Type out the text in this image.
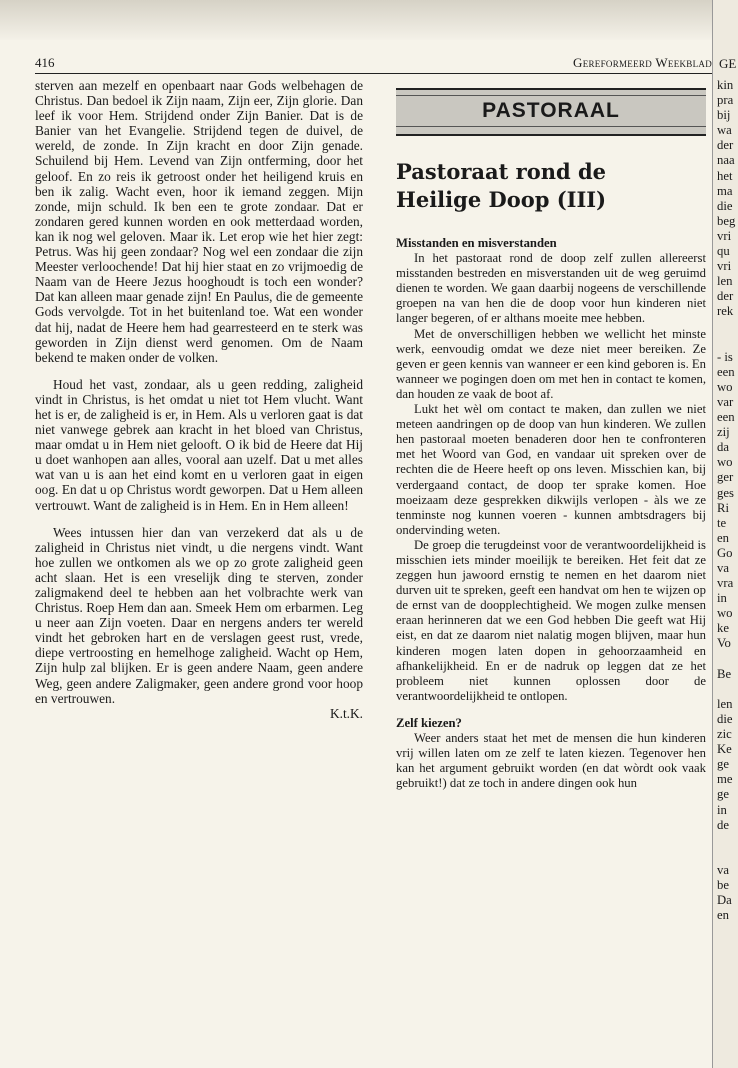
416	Gereformeerd Weekblad

sterven aan mezelf en openbaart naar Gods welbehagen de Christus. Dan bedoel ik Zijn naam, Zijn eer, Zijn glorie. Dan leef ik voor Hem. Strijdend onder Zijn Banier. Dat is de Banier van het Evangelie. Strijdend tegen de duivel, de wereld, de zonde. In Zijn kracht en door Zijn genade. Schuilend bij Hem. Levend van Zijn ontferming, door het geloof. En zo reis ik getroost onder het heiligend kruis en ben ik zalig. Wacht even, hoor ik iemand zeggen. Mijn zonde, mijn schuld. Ik ben een te grote zondaar. Dat er zondaren gered kunnen worden en ook metterdaad worden, kan ik nog wel geloven. Maar ik. Let erop wie het hier zegt: Petrus. Was hij geen zondaar? Nog wel een zondaar die zijn Meester verloochende! Dat hij hier staat en zo vrijmoedig de Naam van de Heere Jezus hooghoudt is toch een wonder? Dat kan alleen maar genade zijn! En Paulus, die de gemeente Gods vervolgde. Tot in het buitenland toe. Wat een wonder dat hij, nadat de Heere hem had gearresteerd en te sterk was geworden in Zijn dienst werd genomen. Om de Naam bekend te maken onder de volken.

Houd het vast, zondaar, als u geen redding, zaligheid vindt in Christus, is het omdat u niet tot Hem vlucht. Want het is er, de zaligheid is er, in Hem. Als u verloren gaat is dat niet vanwege gebrek aan kracht in het bloed van Christus, maar omdat u in Hem niet gelooft. O ik bid de Heere dat Hij u doet wanhopen aan alles, vooral aan uzelf. Dat u met alles wat van u is aan het eind komt en u verloren gaat in eigen oog. En dat u op Christus wordt geworpen. Dat u Hem alleen vertrouwt. Want de zaligheid is in Hem. En in Hem alleen!

Wees intussen hier dan van verzekerd dat als u de zaligheid in Christus niet vindt, u die nergens vindt. Want hoe zullen we ontkomen als we op zo grote zaligheid geen acht slaan. Het is een vreselijk ding te sterven, zonder zaligmakend deel te hebben aan het volbrachte werk van Christus. Roep Hem dan aan. Smeek Hem om erbarmen. Leg u neer aan Zijn voeten. Daar en nergens anders ter wereld vindt het gebroken hart en de verslagen geest rust, vrede, diepe vertroosting en hemelhoge zaligheid. Wacht op Hem, Zijn hulp zal blijken. Er is geen andere Naam, geen andere Weg, geen andere Zaligmaker, geen andere grond voor hoop en vertrouwen.

K.t.K.

PASTORAAL
Pastoraat rond de
Heilige Doop (III)

Misstanden en misverstanden

In het pastoraat rond de doop zelf zullen allereerst misstanden bestreden en misverstanden uit de weg geruimd dienen te worden. We gaan daarbij nogeens de verschillende groepen na van hen die de doop voor hun kinderen niet langer begeren, of er althans moeite mee hebben.

Met de onverschilligen hebben we wellicht het minste werk, eenvoudig omdat we deze niet meer bereiken. Ze geven er geen kennis van wanneer er een kind geboren is. En wanneer we pogingen doen om met hen in contact te komen, dan houden ze vaak de boot af.

Lukt het wèl om contact te maken, dan zullen we niet meteen aandringen op de doop van hun kinderen. We zullen hen pastoraal moeten benaderen door hen te confronteren met het Woord van God, en vandaar uit spreken over de rechten die de Heere heeft op ons leven. Misschien kan, bij verdergaand contact, de doop ter sprake komen. Hoe moeizaam deze gesprekken dikwijls verlopen - àls we ze tenminste nog kunnen voeren - kunnen ambtsdragers bij ondervinding weten.

De groep die terugdeinst voor de verantwoordelijkheid is misschien iets minder moeilijk te bereiken. Het feit dat ze zeggen hun jawoord ernstig te nemen en het daarom niet durven uit te spreken, geeft een handvat om hen te wijzen op de ernst van de doopplechtigheid. We mogen zulke mensen eraan herinneren dat we een God hebben Die geeft wat Hij eist, en dat ze daarom niet nalatig mogen blijven, maar hun kinderen mogen laten dopen in gehoorzaamheid en afhankelijkheid. En er de nadruk op leggen dat ze het probleem niet kunnen oplossen door de verantwoordelijkheid te ontlopen.

Zelf kiezen?

Weer anders staat het met de mensen die hun kinderen vrij willen laten om ze zelf te laten kiezen. Tegenover hen kan het argument gebruikt worden (en dat wòrdt ook vaak gebruikt!) dat ze toch in andere dingen ook hun

GE
kin
pra
bij
wa
der
naa
het
ma
die
beg
vri
qu
vri
len
der
rek

- is
een
wo
var
een
zij
da
wo
ger
ges
Ri
te
en
Go
va
vra
in
wo
ke
Vo

Be

len
die
zic
Ke
ge
me
ge
in
de

va
be
Da
en
